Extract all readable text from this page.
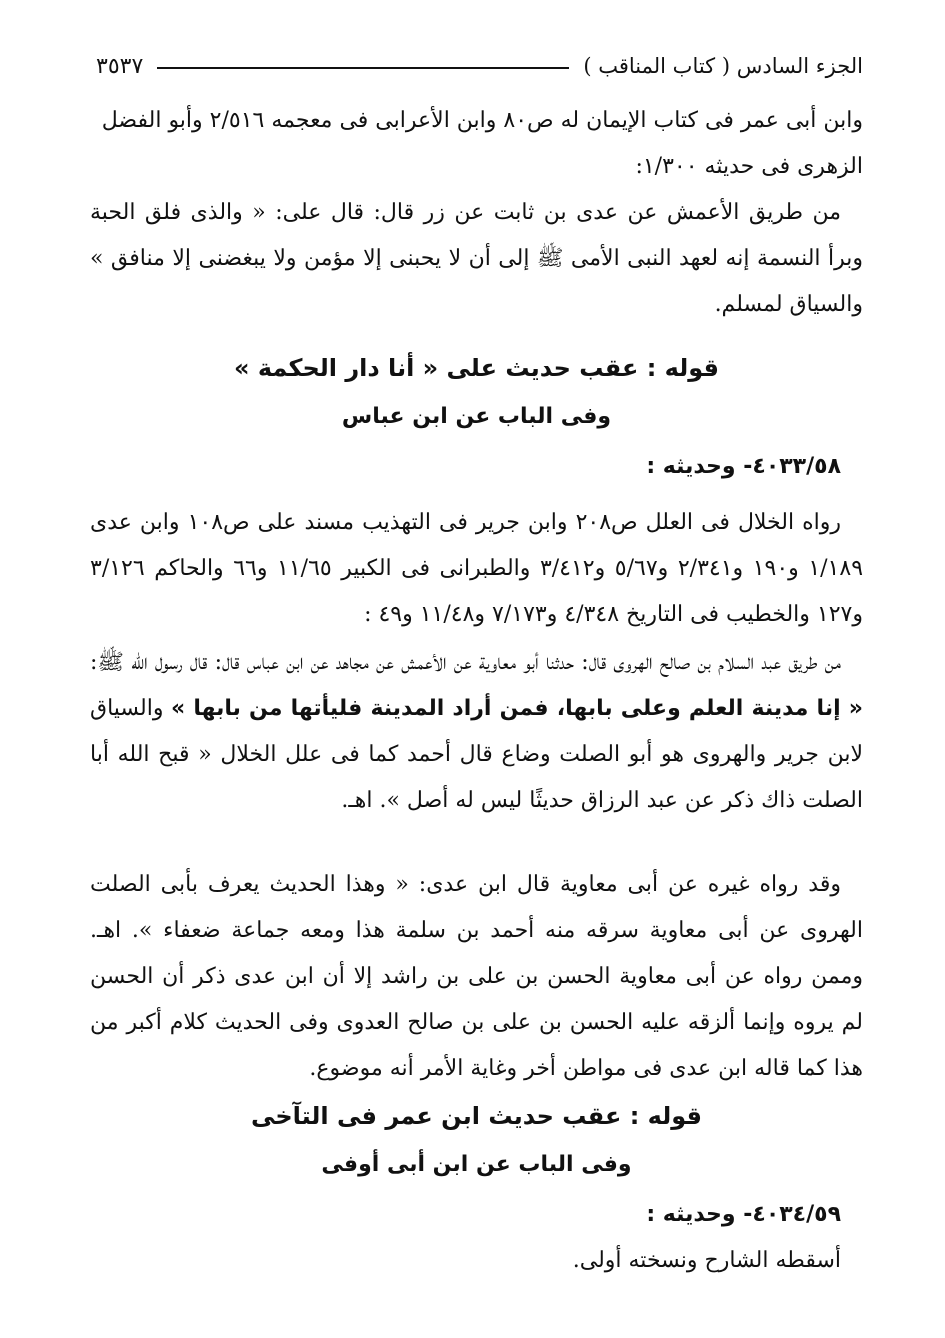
الجزء السادس ( كتاب المناقب )
٣٥٣٧

وابن أبى عمر فى كتاب الإيمان له ص٨٠ وابن الأعرابى فى معجمه ٢/٥١٦ وأبو الفضل

الزهرى فى حديثه ١/٣٠٠:

من طريق الأعمش عن عدى بن ثابت عن زر قال: قال على: « والذى فلق الحبة وبرأ النسمة إنه لعهد النبى الأمى ﷺ إلى أن لا يحبنى إلا مؤمن ولا يبغضنى إلا منافق » والسياق لمسلم.

قوله : عقب حديث على « أنا دار الحكمة »

وفى الباب عن ابن عباس

٤٠٣٣/٥٨- وحديثه :

رواه الخلال فى العلل ص٢٠٨ وابن جرير فى التهذيب مسند على ص١٠٨ وابن عدى ١/١٨٩ و١٩٠ و٢/٣٤١ و٥/٦٧ و٣/٤١٢ والطبرانى فى الكبير ١١/٦٥ و٦٦ والحاكم ٣/١٢٦ و١٢٧ والخطيب فى التاريخ ٤/٣٤٨ و٧/١٧٣ و١١/٤٨ و٤٩ :

من طريق عبد السلام بن صالح الهروى قال: حدثنا أبو معاوية عن الأعمش عن مجاهد عن ابن عباس قال: قال رسول الله ﷺ: « إنا مدينة العلم وعلى بابها، فمن أراد المدينة فليأتها من بابها » والسياق لابن جرير والهروى هو أبو الصلت وضاع قال أحمد كما فى علل الخلال « قبح الله أبا الصلت ذاك ذكر عن عبد الرزاق حديثًا ليس له أصل ». اهـ.

وقد رواه غيره عن أبى معاوية قال ابن عدى: « وهذا الحديث يعرف بأبى الصلت الهروى عن أبى معاوية سرقه منه أحمد بن سلمة هذا ومعه جماعة ضعفاء ». اهـ. وممن رواه عن أبى معاوية الحسن بن على بن راشد إلا أن ابن عدى ذكر أن الحسن لم يروه وإنما ألزقه عليه الحسن بن على بن صالح العدوى وفى الحديث كلام أكبر من هذا كما قاله ابن عدى فى مواطن أخر وغاية الأمر أنه موضوع.

قوله : عقب حديث ابن عمر فى التآخى

وفى الباب عن ابن أبى أوفى

٤٠٣٤/٥٩- وحديثه :

أسقطه الشارح ونسخته أولى.
